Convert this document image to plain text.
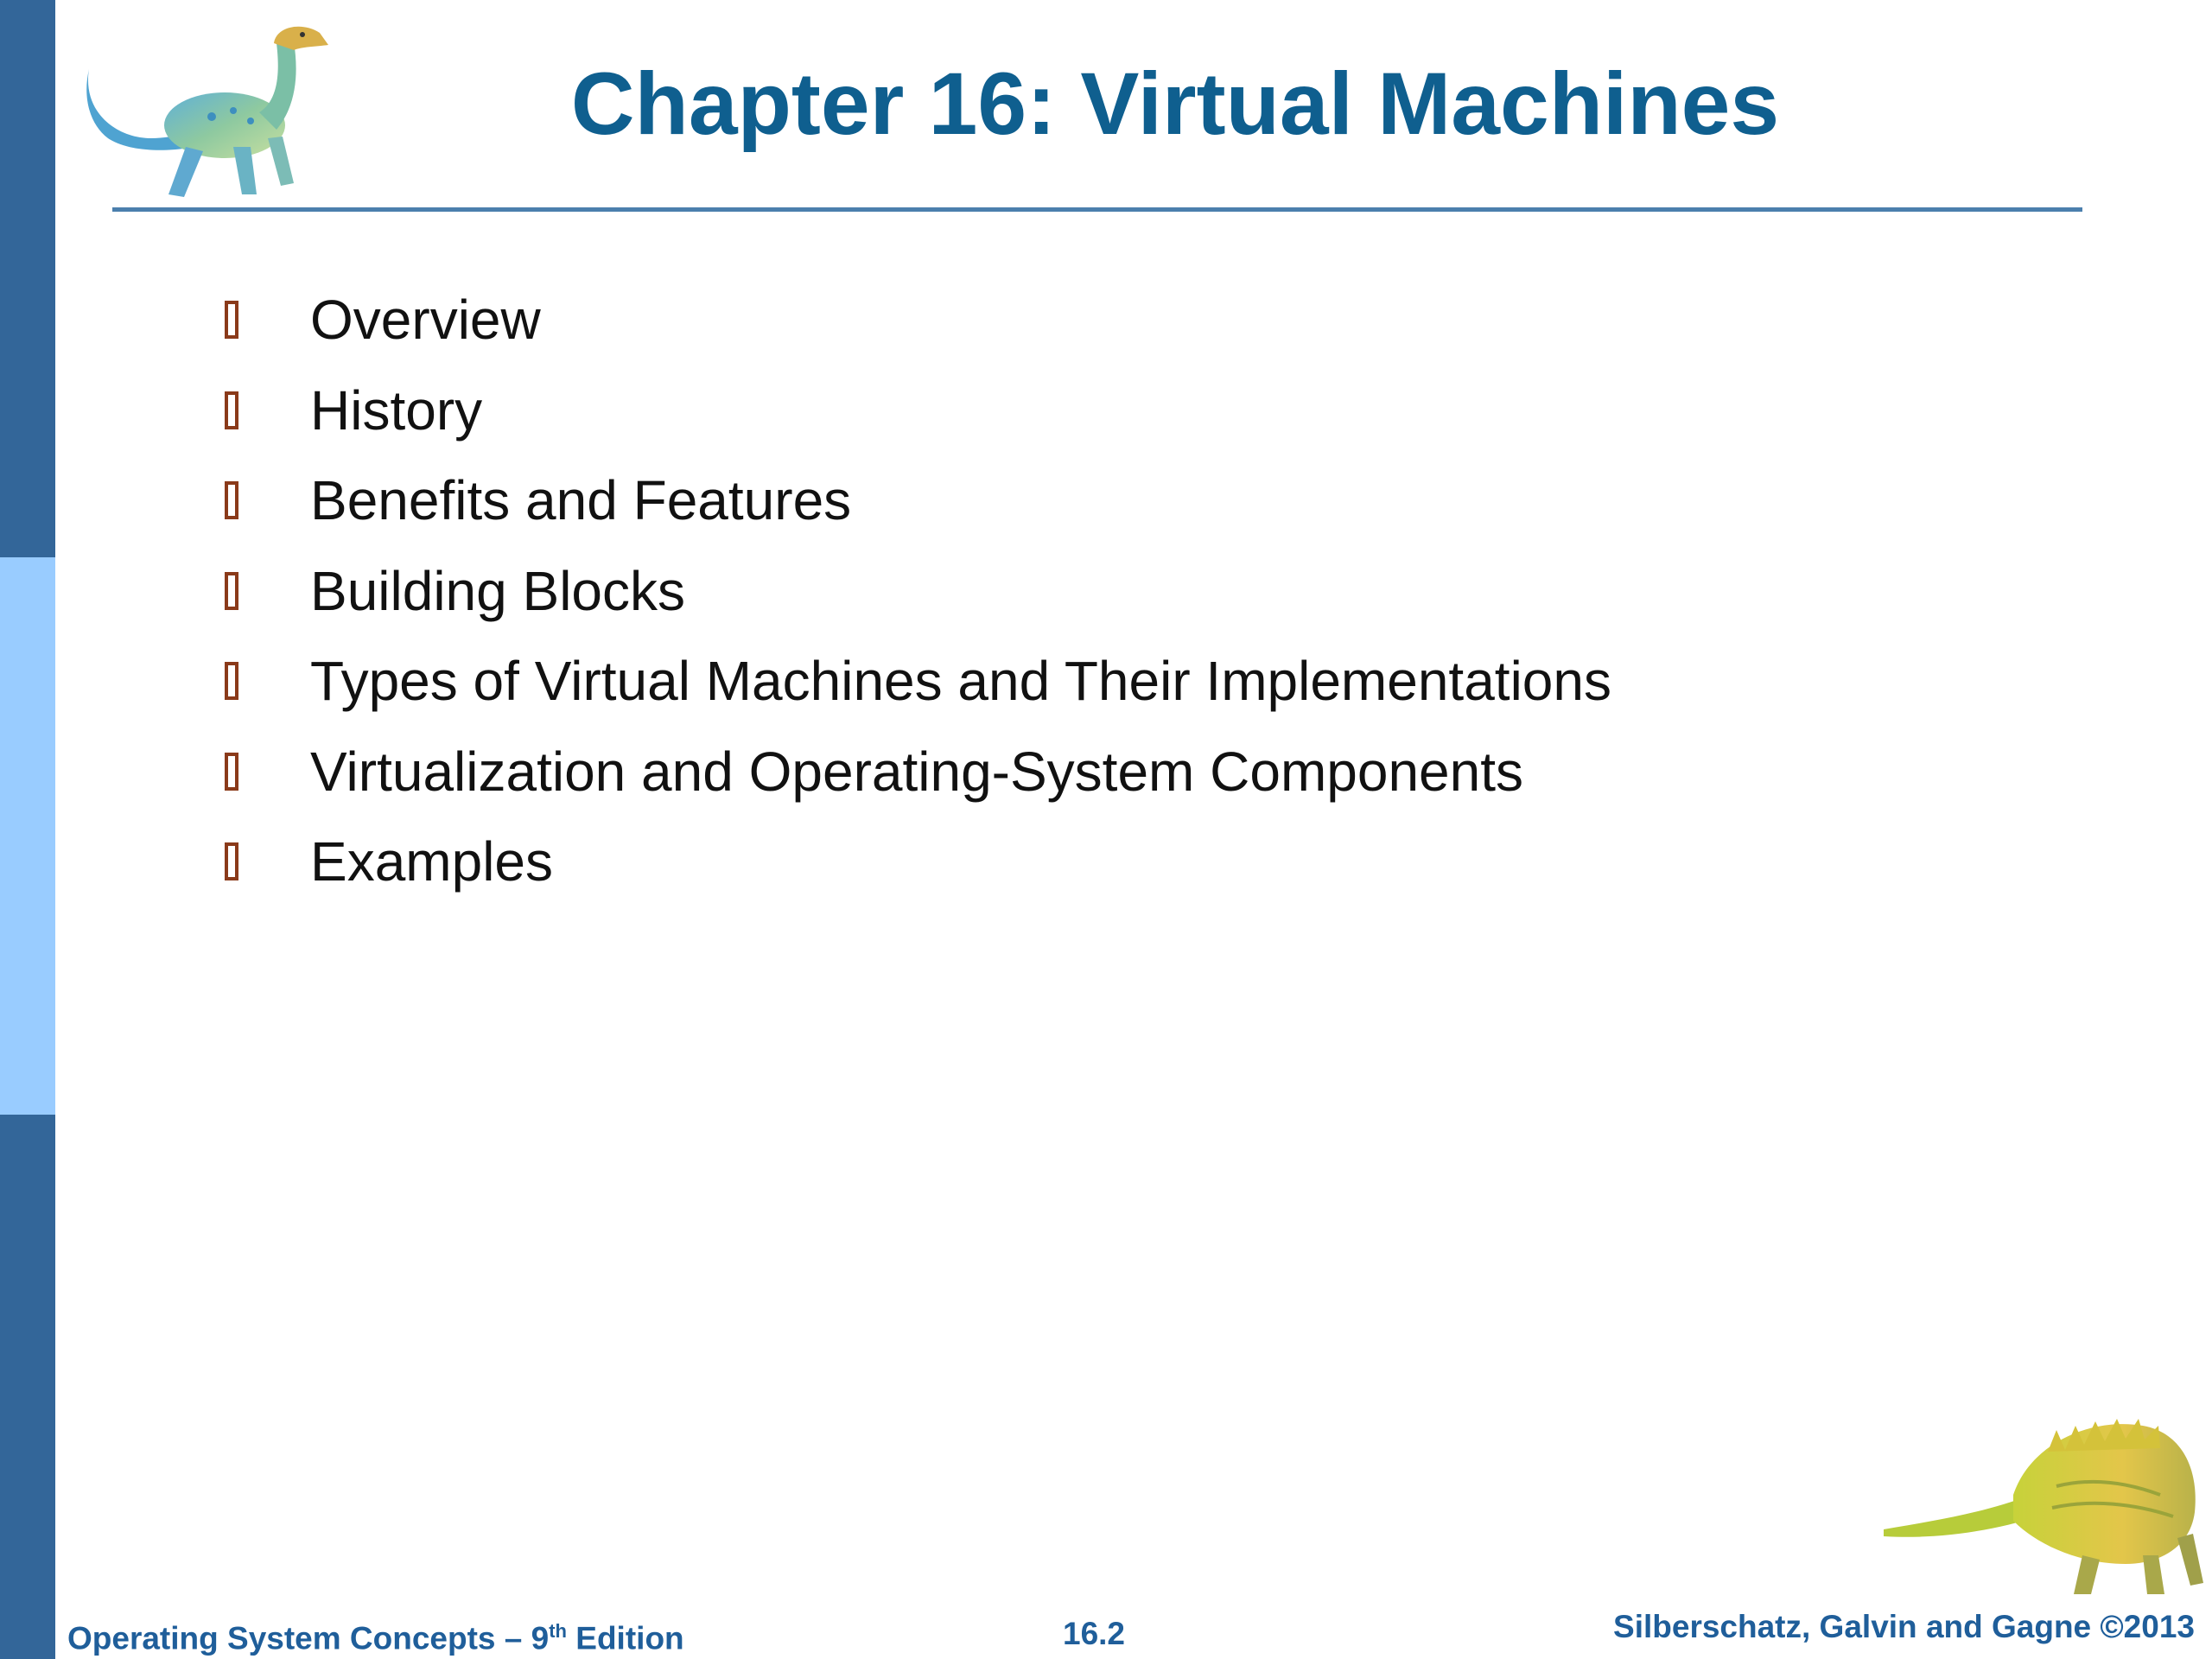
Chapter 16: Virtual Machines
Overview
History
Benefits and Features
Building Blocks
Types of Virtual Machines and Their Implementations
Virtualization and Operating-System Components
Examples
Operating System Concepts – 9th Edition	16.2	Silberschatz, Galvin and Gagne ©2013
